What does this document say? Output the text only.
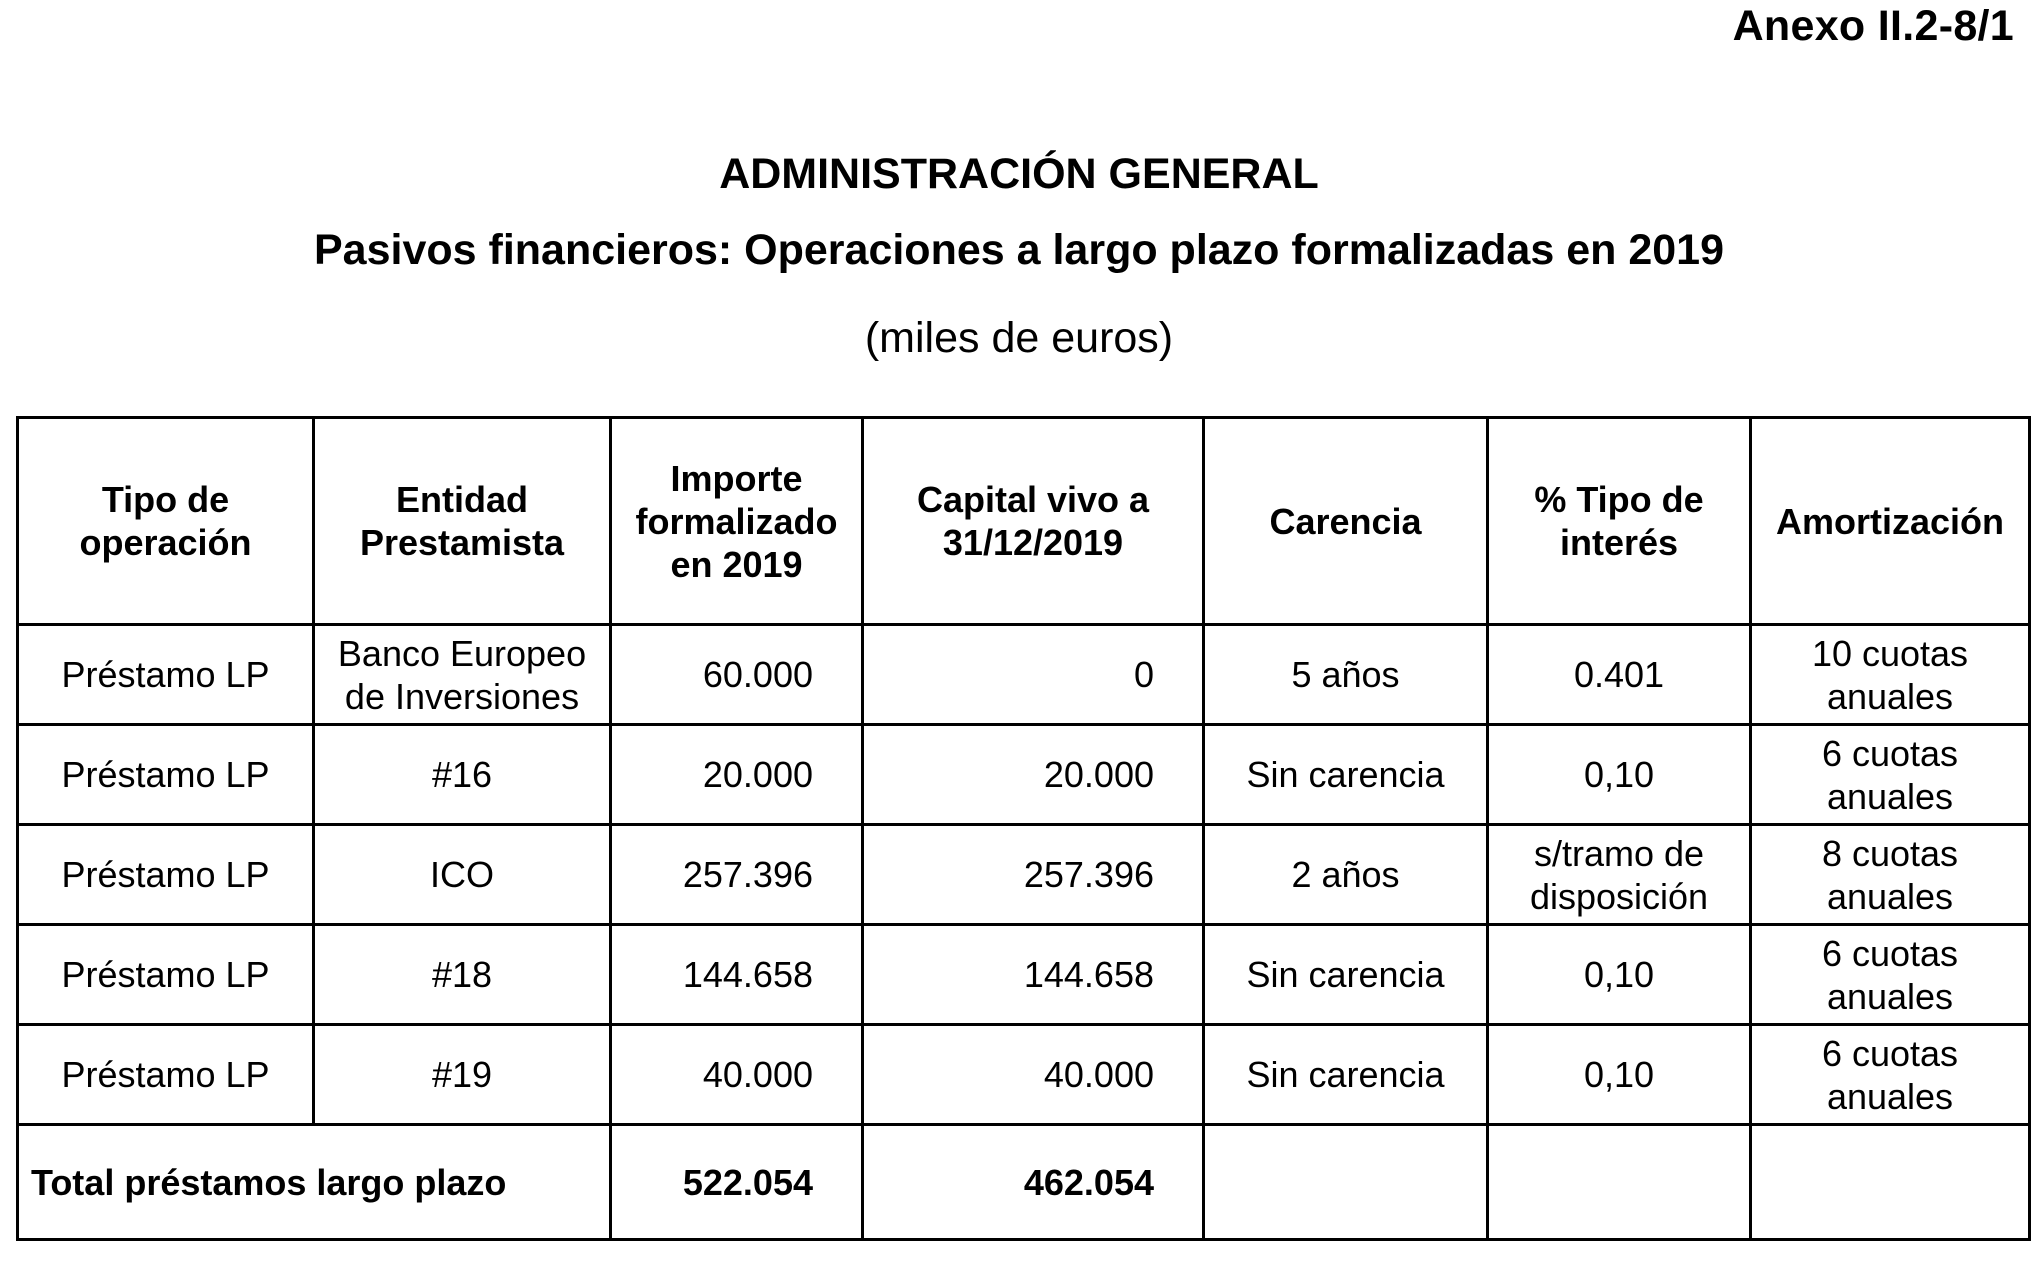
Anexo II.2-8/1
ADMINISTRACIÓN GENERAL
Pasivos financieros: Operaciones a largo plazo formalizadas en 2019
(miles de euros)
Tipo de operación	Entidad Prestamista	Importe formalizado en 2019	Capital vivo a 31/12/2019	Carencia	% Tipo de interés	Amortización
Préstamo LP	Banco Europeo de Inversiones	60.000	0	5 años	0.401	10 cuotas anuales
Préstamo LP	#16	20.000	20.000	Sin carencia	0,10	6 cuotas anuales
Préstamo LP	ICO	257.396	257.396	2 años	s/tramo de disposición	8 cuotas anuales
Préstamo LP	#18	144.658	144.658	Sin carencia	0,10	6 cuotas anuales
Préstamo LP	#19	40.000	40.000	Sin carencia	0,10	6 cuotas anuales
Total préstamos largo plazo		522.054	462.054			
